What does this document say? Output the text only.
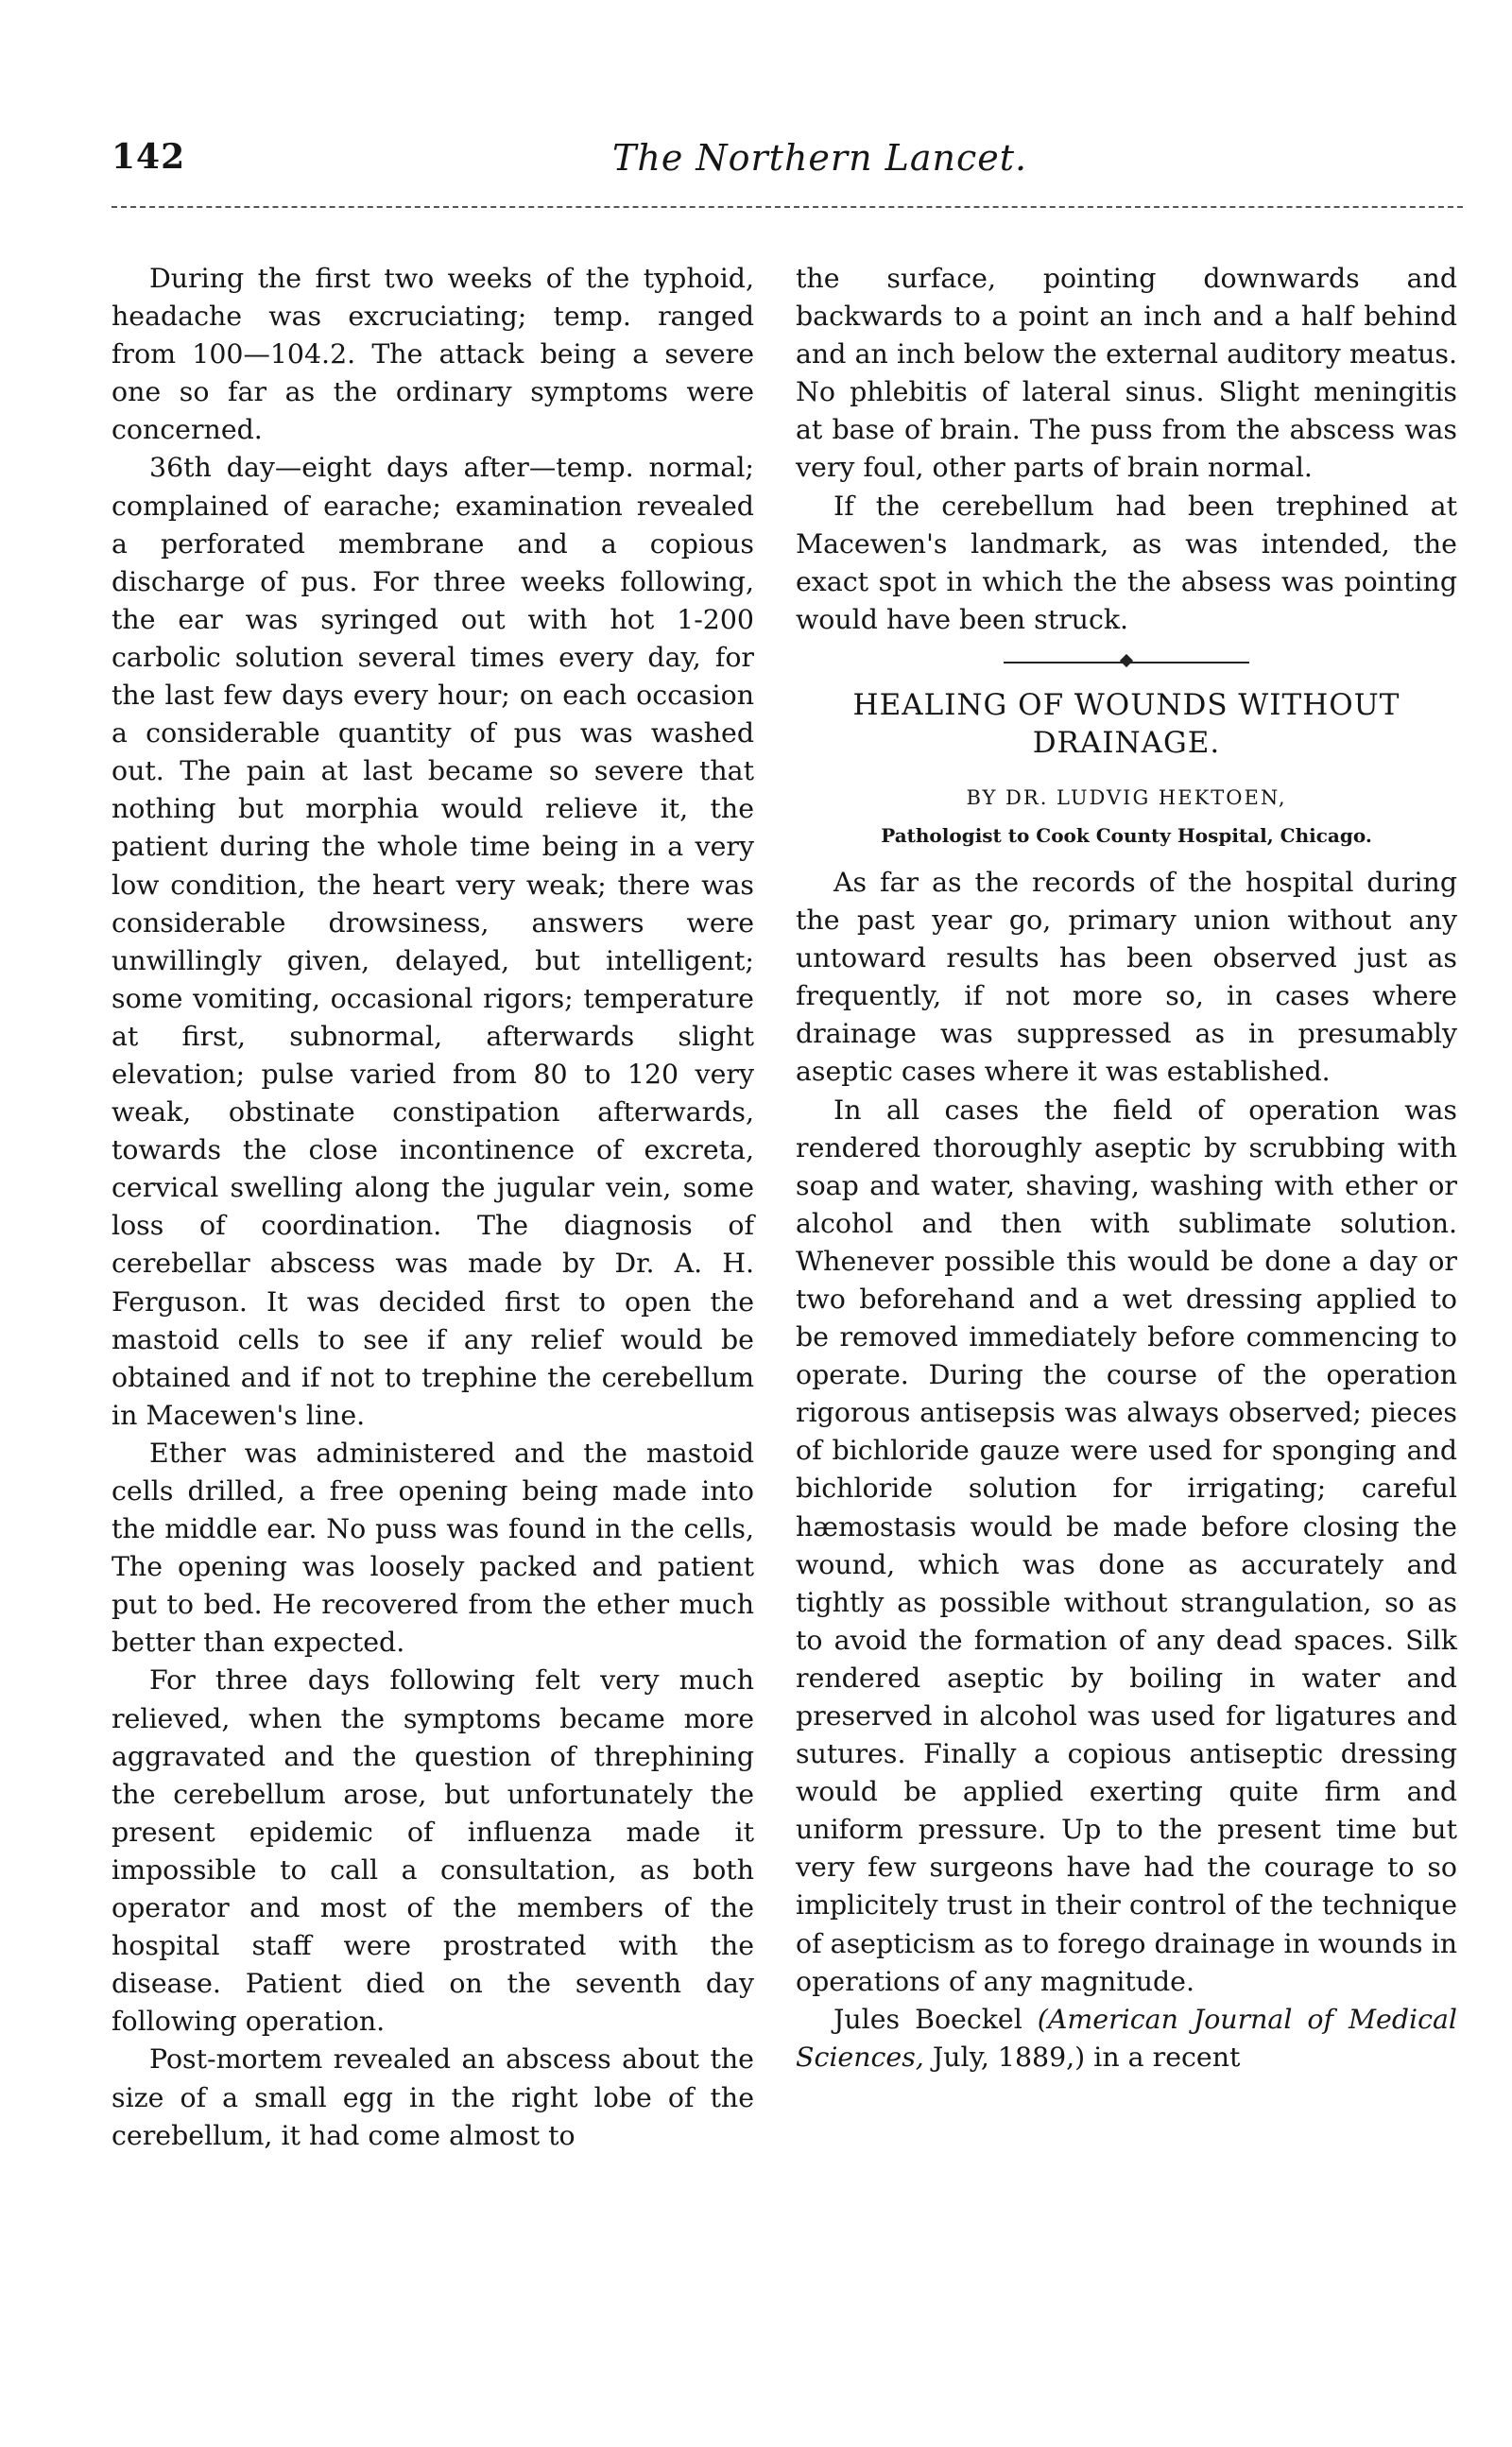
142	The Northern Lancet.

During the first two weeks of the typhoid, headache was excruciating; temp. ranged from 100—104.2. The attack being a severe one so far as the ordinary symptoms were concerned.

36th day—eight days after—temp. normal; complained of earache; examination revealed a perforated membrane and a copious discharge of pus. For three weeks following, the ear was syringed out with hot 1-200 carbolic solution several times every day, for the last few days every hour; on each occasion a considerable quantity of pus was washed out. The pain at last became so severe that nothing but morphia would relieve it, the patient during the whole time being in a very low condition, the heart very weak; there was considerable drowsiness, answers were unwillingly given, delayed, but intelligent; some vomiting, occasional rigors; temperature at first, subnormal, afterwards slight elevation; pulse varied from 80 to 120 very weak, obstinate constipation afterwards, towards the close incontinence of excreta, cervical swelling along the jugular vein, some loss of coordination. The diagnosis of cerebellar abscess was made by Dr. A. H. Ferguson. It was decided first to open the mastoid cells to see if any relief would be obtained and if not to trephine the cerebellum in Macewen's line.

Ether was administered and the mastoid cells drilled, a free opening being made into the middle ear. No puss was found in the cells, The opening was loosely packed and patient put to bed. He recovered from the ether much better than expected.

For three days following felt very much relieved, when the symptoms became more aggravated and the question of threphining the cerebellum arose, but unfortunately the present epidemic of influenza made it impossible to call a consultation, as both operator and most of the members of the hospital staff were prostrated with the disease. Patient died on the seventh day following operation.

Post-mortem revealed an abscess about the size of a small egg in the right lobe of the cerebellum, it had come almost to

the surface, pointing downwards and backwards to a point an inch and a half behind and an inch below the external auditory meatus. No phlebitis of lateral sinus. Slight meningitis at base of brain. The puss from the abscess was very foul, other parts of brain normal.

If the cerebellum had been trephined at Macewen's landmark, as was intended, the exact spot in which the the absess was pointing would have been struck.

HEALING OF WOUNDS WITHOUT
DRAINAGE.
BY DR. LUDVIG HEKTOEN,
Pathologist to Cook County Hospital, Chicago.

As far as the records of the hospital during the past year go, primary union without any untoward results has been observed just as frequently, if not more so, in cases where drainage was suppressed as in presumably aseptic cases where it was established.

In all cases the field of operation was rendered thoroughly aseptic by scrubbing with soap and water, shaving, washing with ether or alcohol and then with sublimate solution. Whenever possible this would be done a day or two beforehand and a wet dressing applied to be removed immediately before commencing to operate. During the course of the operation rigorous antisepsis was always observed; pieces of bichloride gauze were used for sponging and bichloride solution for irrigating; careful hæmostasis would be made before closing the wound, which was done as accurately and tightly as possible without strangulation, so as to avoid the formation of any dead spaces. Silk rendered aseptic by boiling in water and preserved in alcohol was used for ligatures and sutures. Finally a copious antiseptic dressing would be applied exerting quite firm and uniform pressure. Up to the present time but very few surgeons have had the courage to so implicitely trust in their control of the technique of asepticism as to forego drainage in wounds in operations of any magnitude.

Jules Boeckel (American Journal of Medical Sciences, July, 1889,) in a recent
